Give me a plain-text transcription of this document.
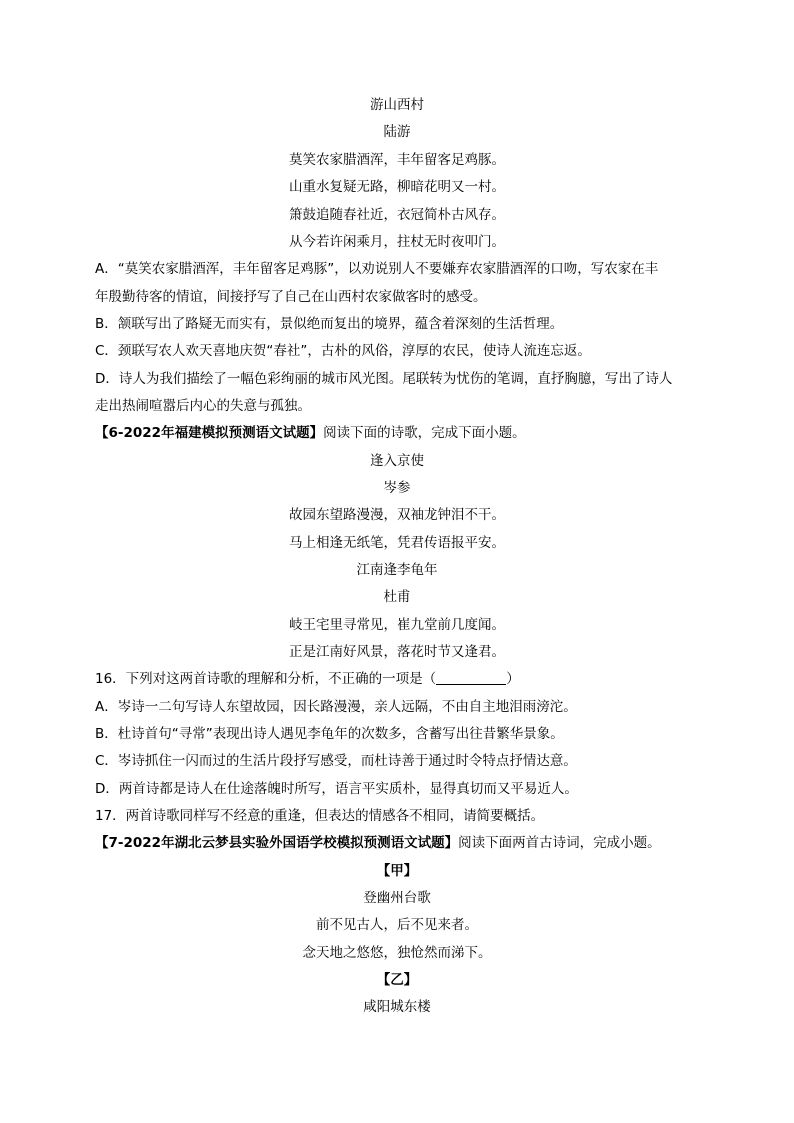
游山西村
陆游
莫笑农家腊酒浑，丰年留客足鸡豚。
山重水复疑无路，柳暗花明又一村。
箫鼓追随春社近，衣冠简朴古风存。
从今若许闲乘月，拄杖无时夜叩门。
A．“莫笑农家腊酒浑，丰年留客足鸡豚”，以劝说别人不要嫌弃农家腊酒浑的口吻，写农家在丰
年殷勤待客的情谊，间接抒写了自己在山西村农家做客时的感受。
B．颔联写出了路疑无而实有，景似绝而复出的境界，蕴含着深刻的生活哲理。
C．颈联写农人欢天喜地庆贺“春社”，古朴的风俗，淳厚的农民，使诗人流连忘返。
D．诗人为我们描绘了一幅色彩绚丽的城市风光图。尾联转为忧伤的笔调，直抒胸臆，写出了诗人
走出热闹喧嚣后内心的失意与孤独。
【6-2022年福建模拟预测语文试题】阅读下面的诗歌，完成下面小题。
逢入京使
岑参
故园东望路漫漫，双袖龙钟泪不干。
马上相逢无纸笔，凭君传语报平安。
江南逢李龟年
杜甫
岐王宅里寻常见，崔九堂前几度闻。
正是江南好风景，落花时节又逢君。
16．下列对这两首诗歌的理解和分析，不正确的一项是（	）
A．岑诗一二句写诗人东望故园，因长路漫漫，亲人远隔，不由自主地泪雨滂沱。
B．杜诗首句“寻常”表现出诗人遇见李龟年的次数多，含蓄写出往昔繁华景象。
C．岑诗抓住一闪而过的生活片段抒写感受，而杜诗善于通过时令特点抒情达意。
D．两首诗都是诗人在仕途落魄时所写，语言平实质朴，显得真切而又平易近人。
17．两首诗歌同样写不经意的重逢，但表达的情感各不相同，请简要概括。
【7-2022年湖北云梦县实验外国语学校模拟预测语文试题】阅读下面两首古诗词，完成小题。
【甲】
登幽州台歌
前不见古人，后不见来者。
念天地之悠悠，独怆然而涕下。
【乙】
咸阳城东楼
